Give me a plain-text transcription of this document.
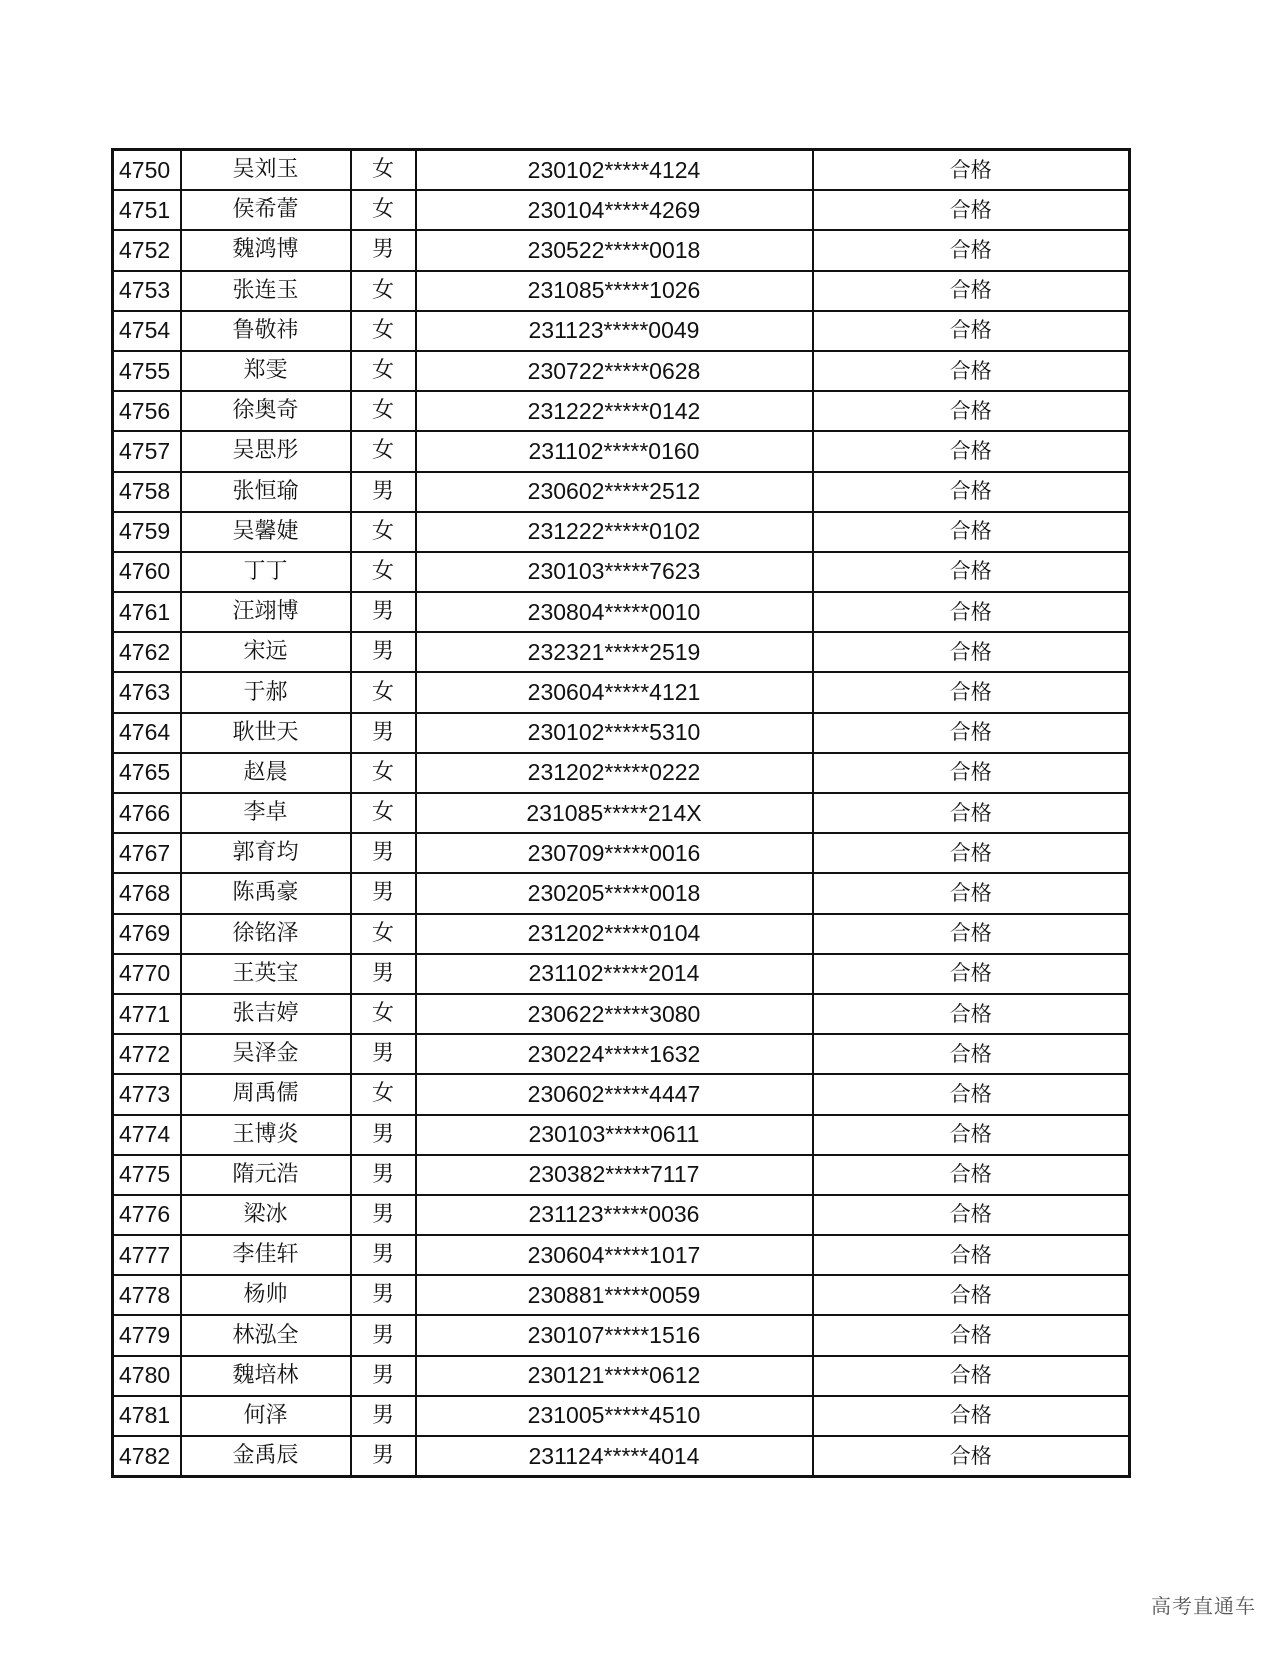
4750	吴刘玉	女	230102*****4124	合格
4751	侯希蕾	女	230104*****4269	合格
4752	魏鸿博	男	230522*****0018	合格
4753	张连玉	女	231085*****1026	合格
4754	鲁敬祎	女	231123*****0049	合格
4755	郑雯	女	230722*****0628	合格
4756	徐奥奇	女	231222*****0142	合格
4757	吴思彤	女	231102*****0160	合格
4758	张恒瑜	男	230602*****2512	合格
4759	吴馨婕	女	231222*****0102	合格
4760	丁丁	女	230103*****7623	合格
4761	汪翊博	男	230804*****0010	合格
4762	宋远	男	232321*****2519	合格
4763	于郝	女	230604*****4121	合格
4764	耿世天	男	230102*****5310	合格
4765	赵晨	女	231202*****0222	合格
4766	李卓	女	231085*****214X	合格
4767	郭育均	男	230709*****0016	合格
4768	陈禹豪	男	230205*****0018	合格
4769	徐铭泽	女	231202*****0104	合格
4770	王英宝	男	231102*****2014	合格
4771	张吉婷	女	230622*****3080	合格
4772	吴泽金	男	230224*****1632	合格
4773	周禹儒	女	230602*****4447	合格
4774	王博炎	男	230103*****0611	合格
4775	隋元浩	男	230382*****7117	合格
4776	梁冰	男	231123*****0036	合格
4777	李佳轩	男	230604*****1017	合格
4778	杨帅	男	230881*****0059	合格
4779	林泓全	男	230107*****1516	合格
4780	魏培林	男	230121*****0612	合格
4781	何泽	男	231005*****4510	合格
4782	金禹辰	男	231124*****4014	合格
高考直通车
